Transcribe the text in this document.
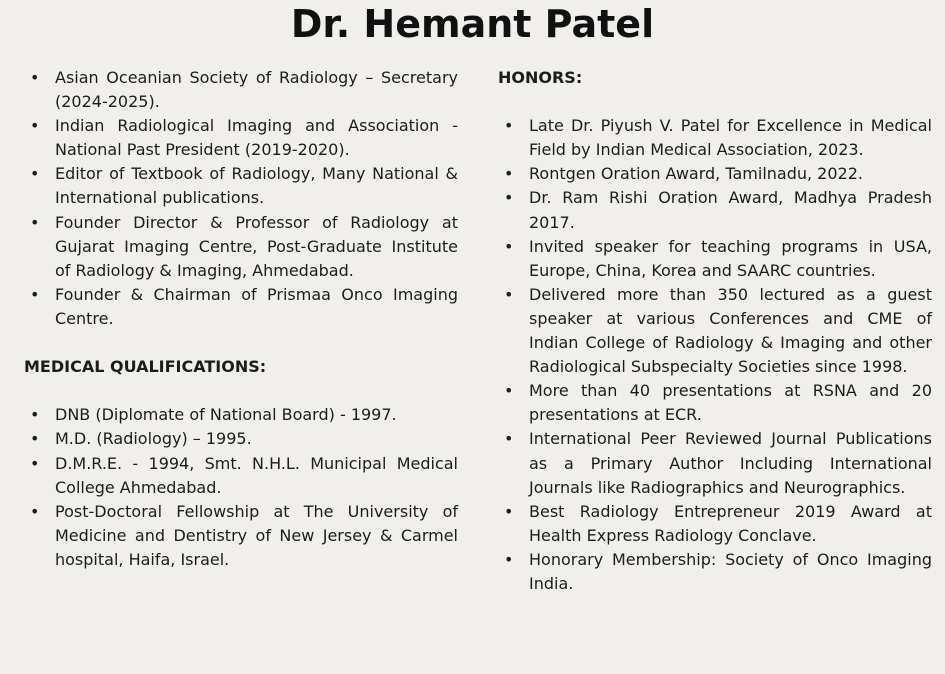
Dr. Hemant Patel
• Asian Oceanian Society of Radiology – Secretary (2024-2025).
• Indian Radiological Imaging and Association - National Past President (2019-2020).
• Editor of Textbook of Radiology, Many National & International publications.
• Founder Director & Professor of Radiology at Gujarat Imaging Centre, Post-Graduate Institute of Radiology & Imaging, Ahmedabad.
• Founder & Chairman of Prismaa Onco Imaging Centre.
MEDICAL QUALIFICATIONS:
• DNB (Diplomate of National Board) - 1997.
• M.D. (Radiology) – 1995.
• D.M.R.E. - 1994, Smt. N.H.L. Municipal Medical College Ahmedabad.
• Post-Doctoral Fellowship at The University of Medicine and Dentistry of New Jersey & Carmel hospital, Haifa, Israel.
HONORS:
• Late Dr. Piyush V. Patel for Excellence in Medical Field by Indian Medical Association, 2023.
• Rontgen Oration Award, Tamilnadu, 2022.
• Dr. Ram Rishi Oration Award, Madhya Pradesh 2017.
• Invited speaker for teaching programs in USA, Europe, China, Korea and SAARC countries.
• Delivered more than 350 lectured as a guest speaker at various Conferences and CME of Indian College of Radiology & Imaging and other Radiological Subspecialty Societies since 1998.
• More than 40 presentations at RSNA and 20 presentations at ECR.
• International Peer Reviewed Journal Publications as a Primary Author Including International Journals like Radiographics and Neurographics.
• Best Radiology Entrepreneur 2019 Award at Health Express Radiology Conclave.
• Honorary Membership: Society of Onco Imaging India.
